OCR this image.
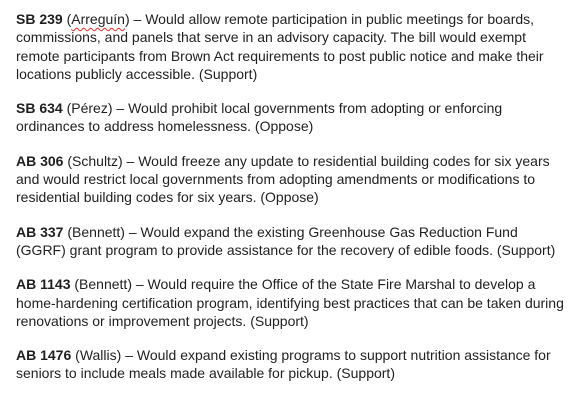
SB 239 (Arreguín) – Would allow remote participation in public meetings for boards, commissions, and panels that serve in an advisory capacity. The bill would exempt remote participants from Brown Act requirements to post public notice and make their locations publicly accessible. (Support)

SB 634 (Pérez) – Would prohibit local governments from adopting or enforcing ordinances to address homelessness. (Oppose)

AB 306 (Schultz) – Would freeze any update to residential building codes for six years and would restrict local governments from adopting amendments or modifications to residential building codes for six years. (Oppose)

AB 337 (Bennett) – Would expand the existing Greenhouse Gas Reduction Fund (GGRF) grant program to provide assistance for the recovery of edible foods. (Support)

AB 1143 (Bennett) – Would require the Office of the State Fire Marshal to develop a home-hardening certification program, identifying best practices that can be taken during renovations or improvement projects. (Support)

AB 1476 (Wallis) – Would expand existing programs to support nutrition assistance for seniors to include meals made available for pickup. (Support)
